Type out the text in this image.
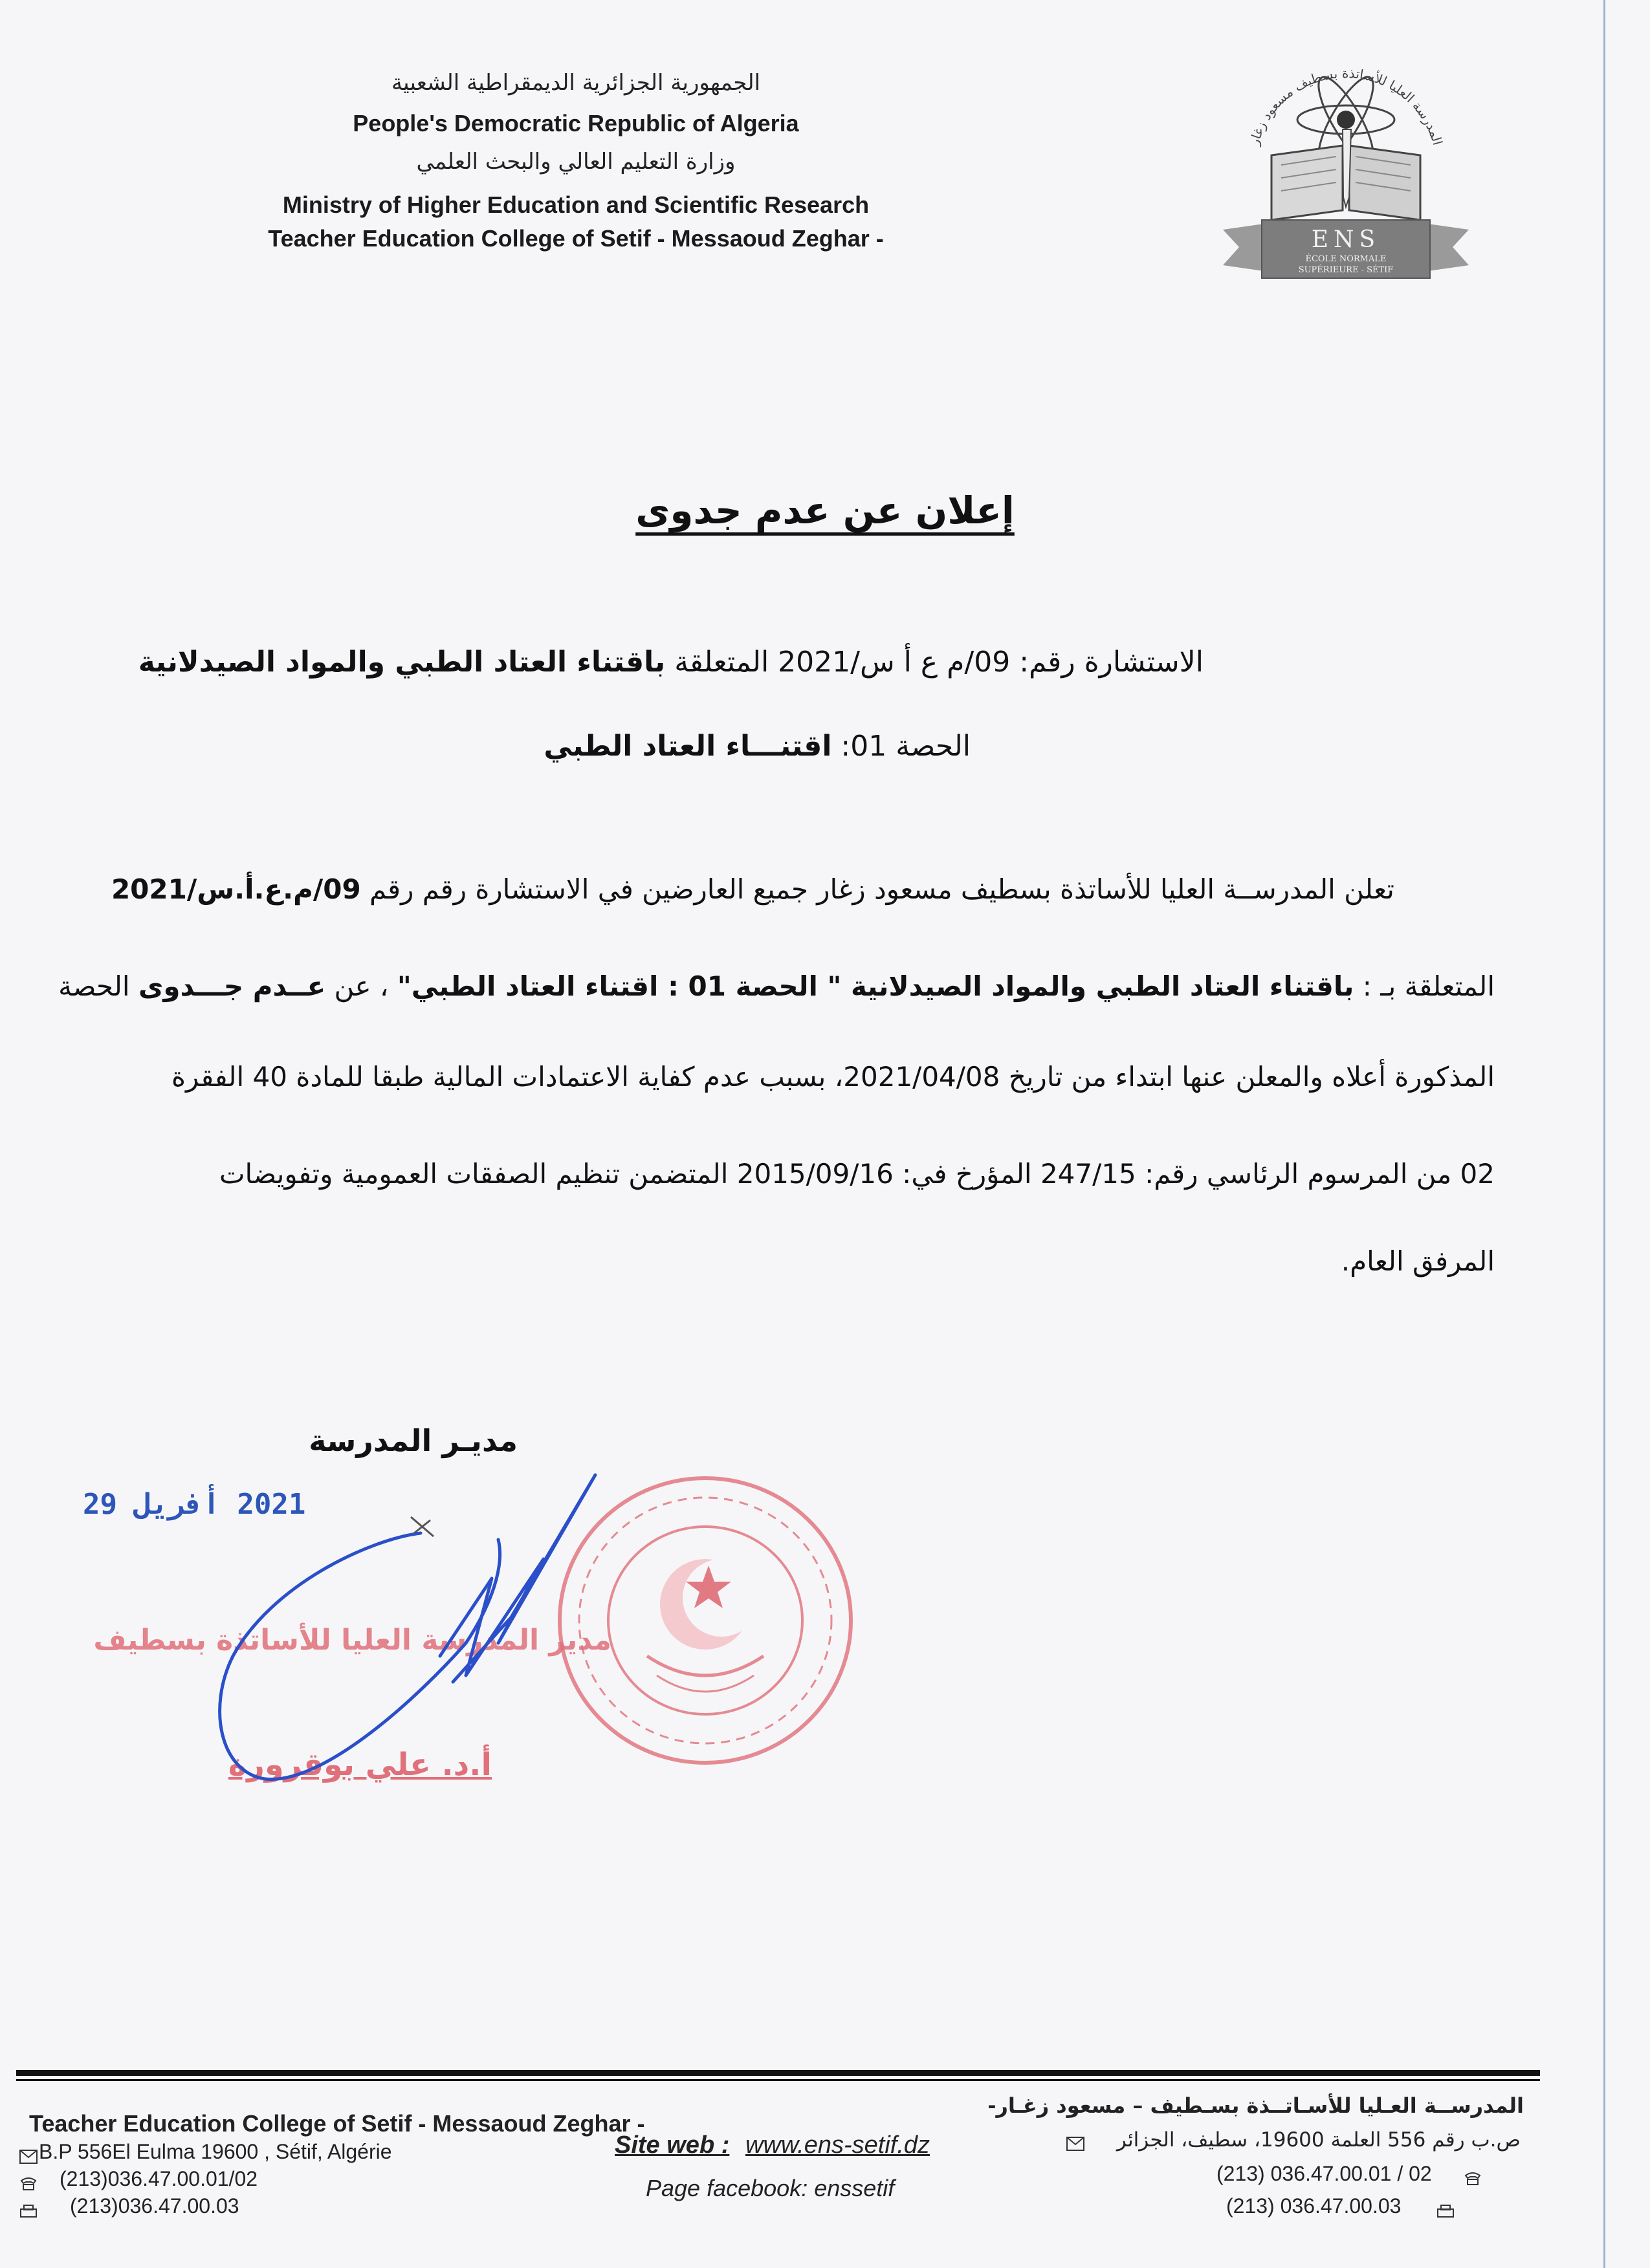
الجمهورية الجزائرية الديمقراطية الشعبية
People's Democratic Republic of Algeria
وزارة التعليم العالي والبحث العلمي
Ministry of Higher Education and Scientific Research
Teacher Education College of Setif - Messaoud Zeghar -
المدرسة العليا للأساتذة بسطيف مسعود زغار
ENS
ÉCOLE NORMALE
SUPÉRIEURE - SÉTIF
إعلان عن عدم جدوى
الاستشارة رقم: 09/م ع أ س/2021 المتعلقة باقتناء العتاد الطبي والمواد الصيدلانية
الحصة 01: اقتنـــاء العتاد الطبي
تعلن المدرســة العليا للأساتذة بسطيف مسعود زغار جميع العارضين في الاستشارة رقم رقم 09/م.ع.أ.س/2021
المتعلقة بـ : باقتناء العتاد الطبي والمواد الصيدلانية " الحصة 01 : اقتناء العتاد الطبي" ، عن عــدم جـــدوى الحصة
المذكورة أعلاه والمعلن عنها ابتداء من تاريخ 2021/04/08، بسبب عدم كفاية الاعتمادات المالية طبقا للمادة 40 الفقرة
02 من المرسوم الرئاسي رقم: 247/15 المؤرخ في: 2015/09/16 المتضمن تنظيم الصفقات العمومية وتفويضات
المرفق العام.
مديـر المدرسة
2021 أفريل 29
مدير المدرسة العليا للأساتذة بسطيف
أ.د. علي بوقرورة
Teacher Education College of Setif - Messaoud Zeghar -
B.P 556El Eulma 19600 , Sétif, Algérie
(213)036.47.00.01/02
(213)036.47.00.03
Site web : www.ens-setif.dz
Page facebook: enssetif
المدرســة العـليا للأسـاتــذة بسـطيف – مسعود زغـار-
ص.ب رقم 556 العلمة 19600، سطيف، الجزائر
(213) 036.47.00.01 / 02
(213) 036.47.00.03
